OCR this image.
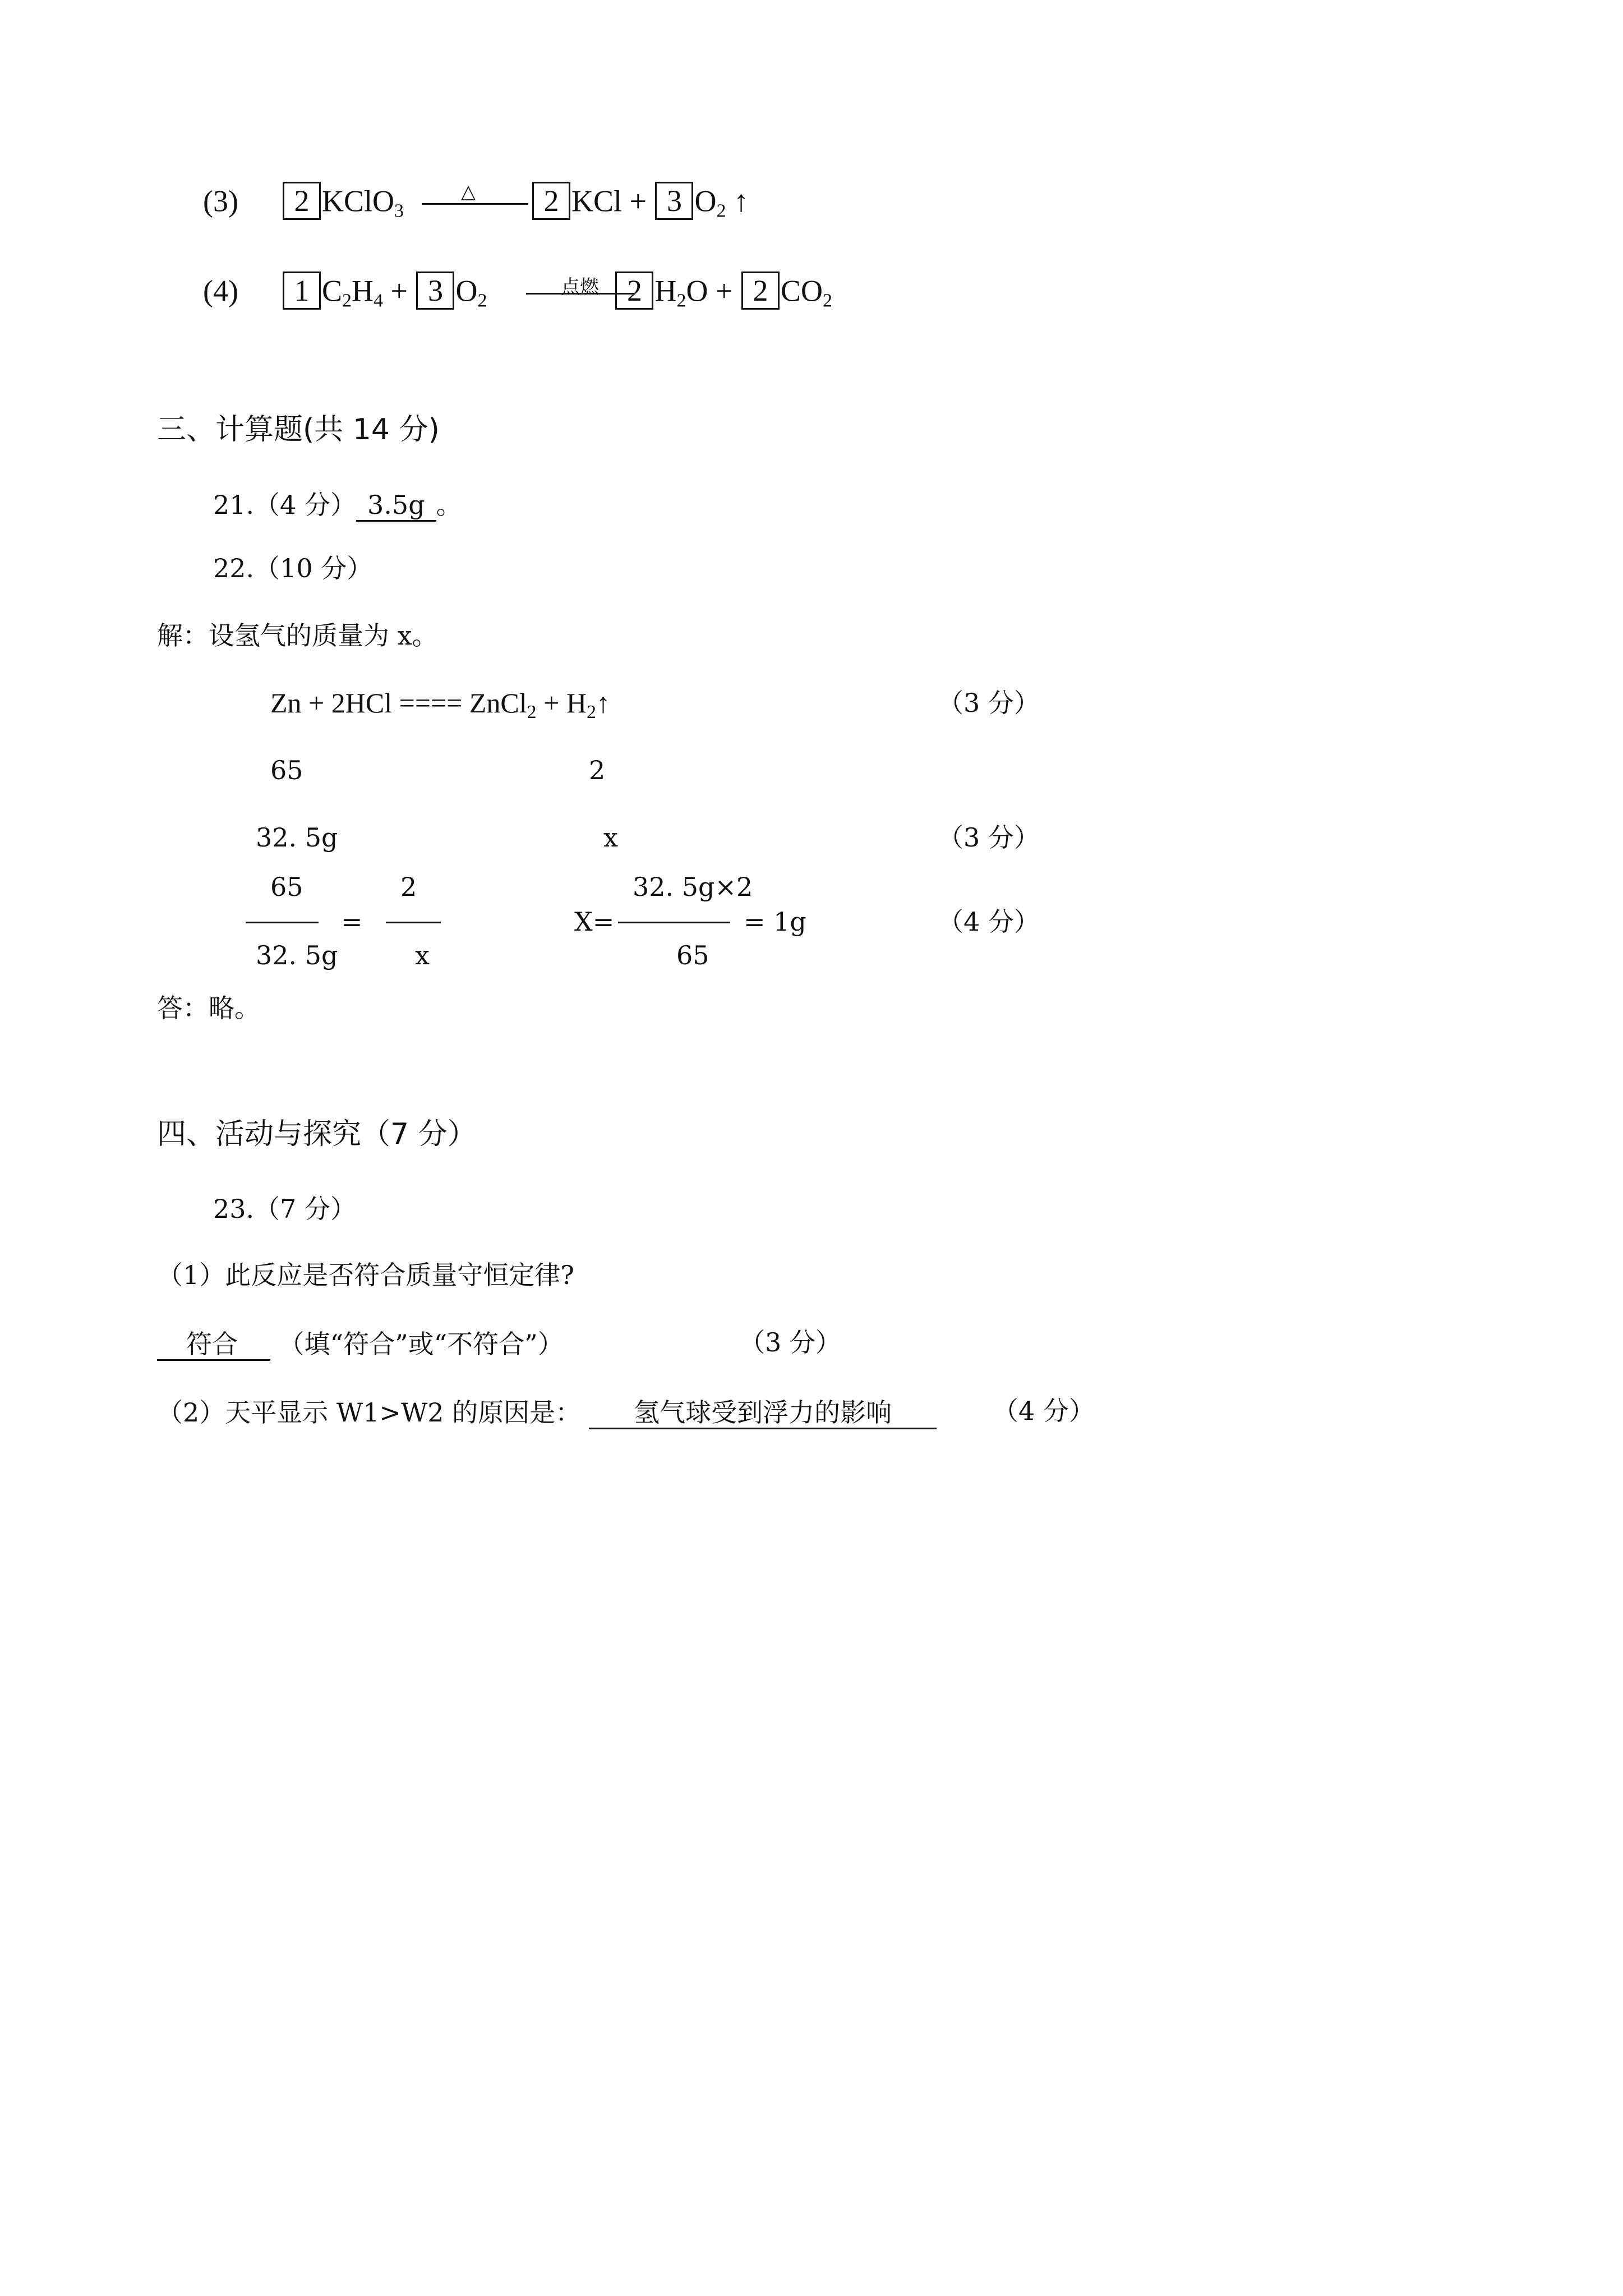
(3) 2 KClO$_3$	2 KCl + 3 $O_2$ ↑
△
(4) 1 $C_2H_4 + 3$ $O_2$	2 $H_2O + 2$ $CO_2$
点燃
三、计算题(共 14 分)
21.（4 分） 3.5g 。
22.（10 分）
解：设氢气的质量为 x。
Zn + 2HCl ==== ZnCl$_2$ + $H_2↑$	（3 分）
65	2
32. 5g	x	（3 分）
65
=
32. 5g
2
x
32. 5g×2
X=	= 1g
65
（4 分）
答：略。
四、活动与探究（7 分）
23.（7 分）
（1）此反应是否符合质量守恒定律?
符合 （填“符合”或“不符合”）	（3 分）
（2）天平显示 W1>W2 的原因是： 氢气球受到浮力的影响	（4 分）
